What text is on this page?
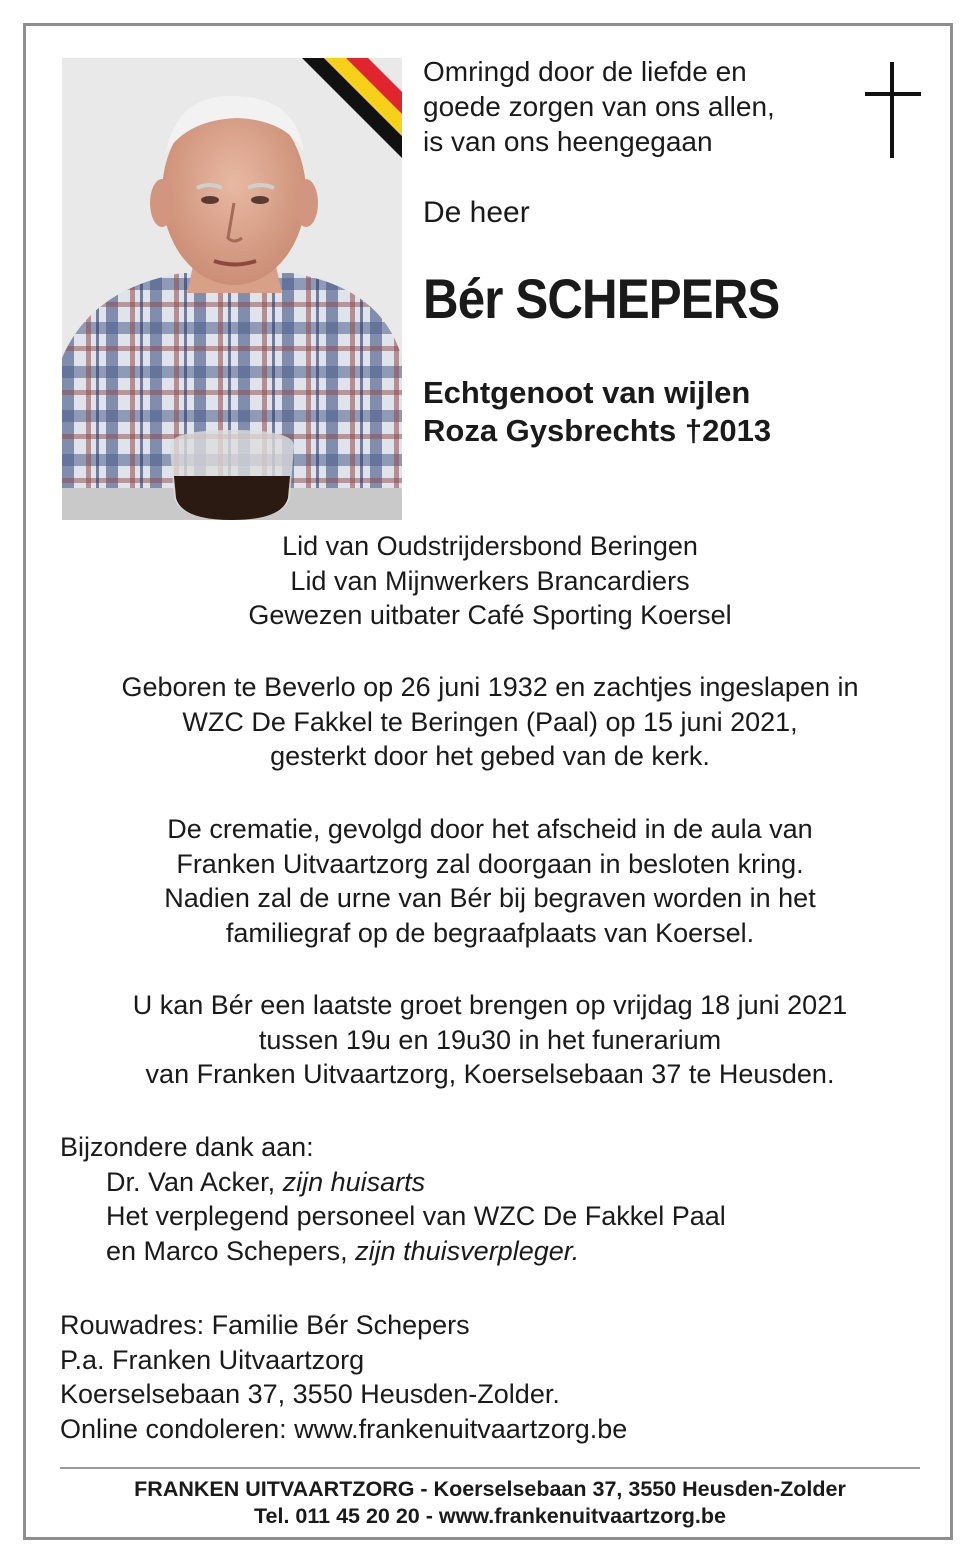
Omringd door de liefde en

goede zorgen van ons allen,

is van ons heengegaan

De heer
Bér SCHEPERS

Echtgenoot van wijlen

Roza Gysbrechts †2013

Lid van Oudstrijdersbond Beringen

Lid van Mijnwerkers Brancardiers

Gewezen uitbater Café Sporting Koersel

Geboren te Beverlo op 26 juni 1932 en zachtjes ingeslapen in

WZC De Fakkel te Beringen (Paal) op 15 juni 2021,

gesterkt door het gebed van de kerk.

De crematie, gevolgd door het afscheid in de aula van

Franken Uitvaartzorg zal doorgaan in besloten kring.

Nadien zal de urne van Bér bij begraven worden in het

familiegraf op de begraafplaats van Koersel.

U kan Bér een laatste groet brengen op vrijdag 18 juni 2021

tussen 19u en 19u30 in het funerarium

van Franken Uitvaartzorg, Koerselsebaan 37 te Heusden.

Bijzondere dank aan:

Dr. Van Acker, zijn huisarts

Het verplegend personeel van WZC De Fakkel Paal

en Marco Schepers, zijn thuisverpleger.

Rouwadres: Familie Bér Schepers

P.a. Franken Uitvaartzorg

Koerselsebaan 37, 3550 Heusden-Zolder.

Online condoleren: www.frankenuitvaartzorg.be

FRANKEN UITVAARTZORG - Koerselsebaan 37, 3550 Heusden-Zolder

Tel. 011 45 20 20 - www.frankenuitvaartzorg.be
